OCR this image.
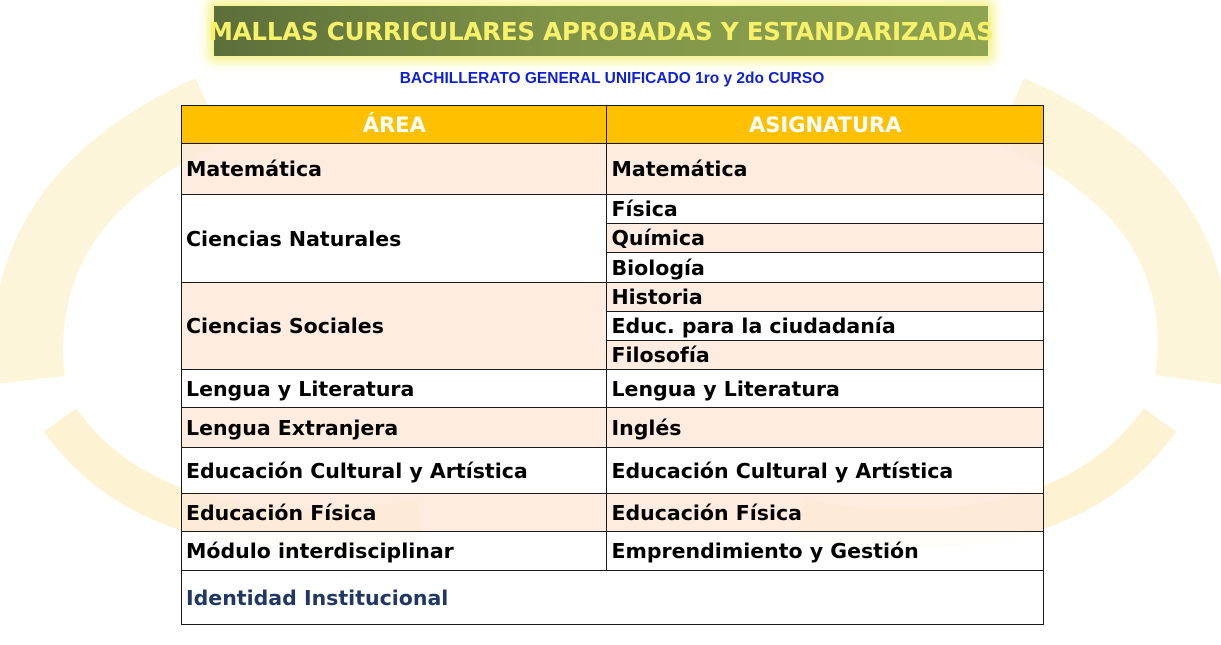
MALLAS CURRICULARES APROBADAS Y ESTANDARIZADAS
BACHILLERATO GENERAL UNIFICADO 1ro y 2do CURSO
ÁREA	ASIGNATURA
Matemática	Matemática
Ciencias Naturales	Física
	Química
	Biología
Ciencias Sociales	Historia
	Educ. para la ciudadanía
	Filosofía
Lengua y Literatura	Lengua y Literatura
Lengua Extranjera	Inglés
Educación Cultural y Artística	Educación Cultural y Artística
Educación Física	Educación Física
Módulo interdisciplinar	Emprendimiento y Gestión
Identidad Institucional	
